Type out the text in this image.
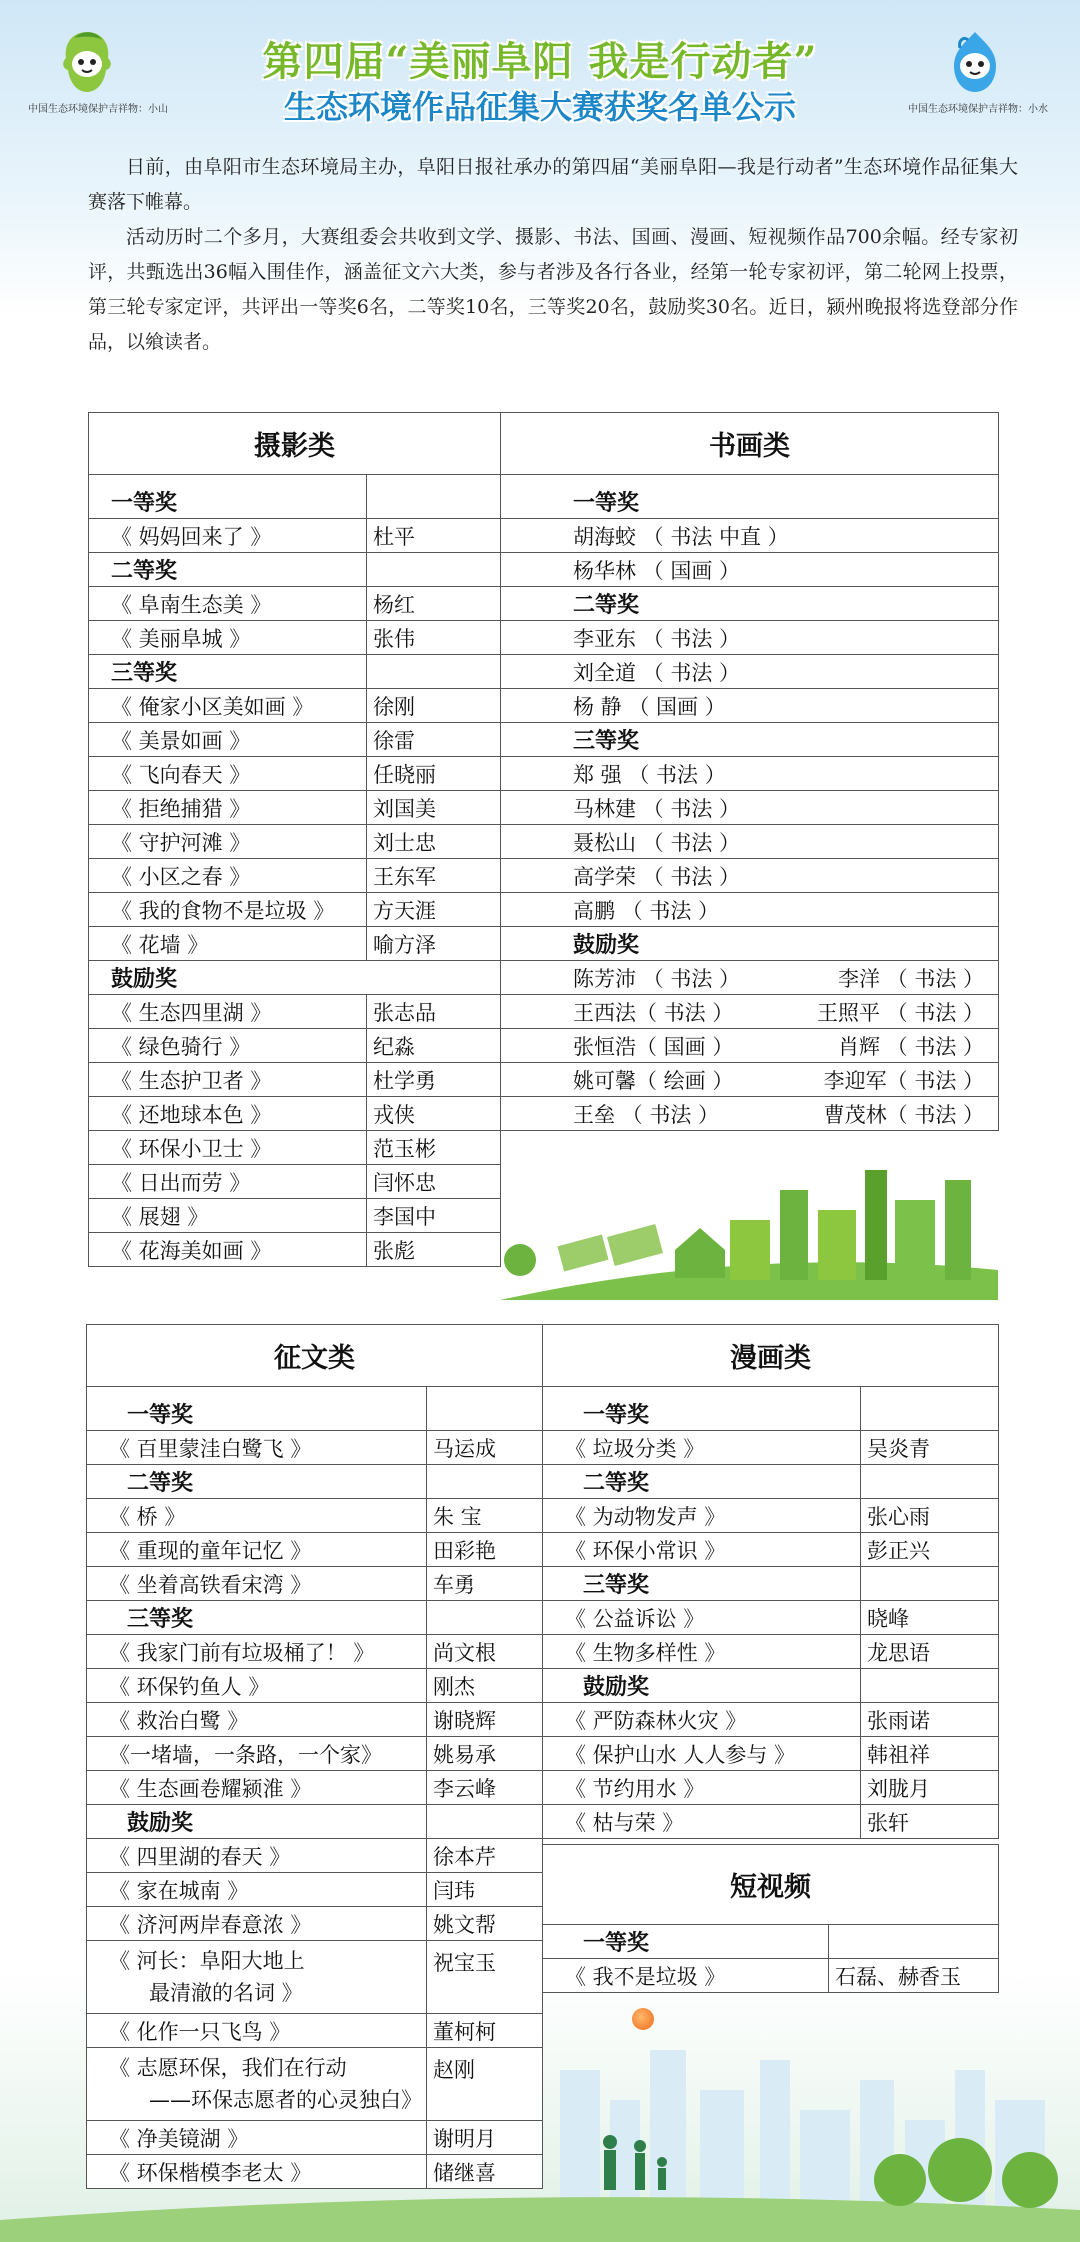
中国生态环境保护吉祥物：小山
第四届“美丽阜阳 我是行动者”
生态环境作品征集大赛获奖名单公示	中国生态环境保护吉祥物：小水

日前，由阜阳市生态环境局主办，阜阳日报社承办的第四届“美丽阜阳—我是行动者”生态环境作品征集大赛落下帷幕。

活动历时二个多月，大赛组委会共收到文学、摄影、书法、国画、漫画、短视频作品700余幅。经专家初评，共甄选出36幅入围佳作，涵盖征文六大类，参与者涉及各行各业，经第一轮专家初评，第二轮网上投票，第三轮专家定评，共评出一等奖6名，二等奖10名，三等奖20名，鼓励奖30名。近日，颍州晚报将选登部分作品，以飨读者。

摄影类	
一等奖	
《 妈妈回来了 》	杜平
二等奖	
《 阜南生态美 》	杨红
《 美丽阜城 》	张伟
三等奖	
《 俺家小区美如画 》	徐刚
《 美景如画 》	徐雷
《 飞向春天 》	任晓丽
《 拒绝捕猎 》	刘国美
《 守护河滩 》	刘士忠
《 小区之春 》	王东军
《 我的食物不是垃圾 》	方天涯
《 花墙 》	喻方泽
鼓励奖	
《 生态四里湖 》	张志品
《 绿色骑行 》	纪淼
《 生态护卫者 》	杜学勇
《 还地球本色 》	戎侠
《 环保小卫士 》	范玉彬
《 日出而劳 》	闫怀忠
《 展翅 》	李国中
《 花海美如画 》	张彪
书画类
一等奖
胡海蛟 （ 书法 中直 ）
杨华林 （ 国画 ）
二等奖
李亚东 （ 书法 ）
刘全道 （ 书法 ）
杨 静 （ 国画 ）
三等奖
郑 强 （ 书法 ）
马林建 （ 书法 ）
聂松山 （ 书法 ）
高学荣 （ 书法 ）
高鹏 （ 书法 ）
鼓励奖

陈芳沛 （ 书法 ）	李洋 （ 书法 ）

王西法（ 书法 ）	王照平 （ 书法 ）

张恒浩（ 国画 ）	肖辉 （ 书法 ）

姚可馨（ 绘画 ）	李迎军（ 书法 ）

王垒 （ 书法 ）	曹茂林（ 书法 ）
征文类	
一等奖	
《 百里蒙洼白鹭飞 》	马运成
二等奖	
《 桥 》	朱 宝
《 重现的童年记忆 》	田彩艳
《 坐着高铁看宋湾 》	车勇
三等奖	
《 我家门前有垃圾桶了！ 》	尚文根
《 环保钓鱼人 》	刚杰
《 救治白鹭 》	谢晓辉
《一堵墙，一条路，一个家》	姚易承
《 生态画卷耀颍淮 》	李云峰
鼓励奖	
《 四里湖的春天 》	徐本芹
《 家在城南 》	闫玮
《 济河两岸春意浓 》	姚文帮

《 河长：阜阳大地上
最清澈的名词 》	祝宝玉
《 化作一只飞鸟 》	董柯柯

《 志愿环保，我们在行动
——环保志愿者的心灵独白》	赵刚
《 净美镜湖 》	谢明月
《 环保楷模李老太 》	储继喜
漫画类	
一等奖	
《 垃圾分类 》	吴炎青
二等奖	
《 为动物发声 》	张心雨
《 环保小常识 》	彭正兴
三等奖	
《 公益诉讼 》	晓峰
《 生物多样性 》	龙思语
鼓励奖	
《 严防森林火灾 》	张雨诺
《 保护山水 人人参与 》	韩祖祥
《 节约用水 》	刘胧月
《 枯与荣 》	张轩
短视频	
一等奖	
《 我不是垃圾 》	石磊、赫香玉
